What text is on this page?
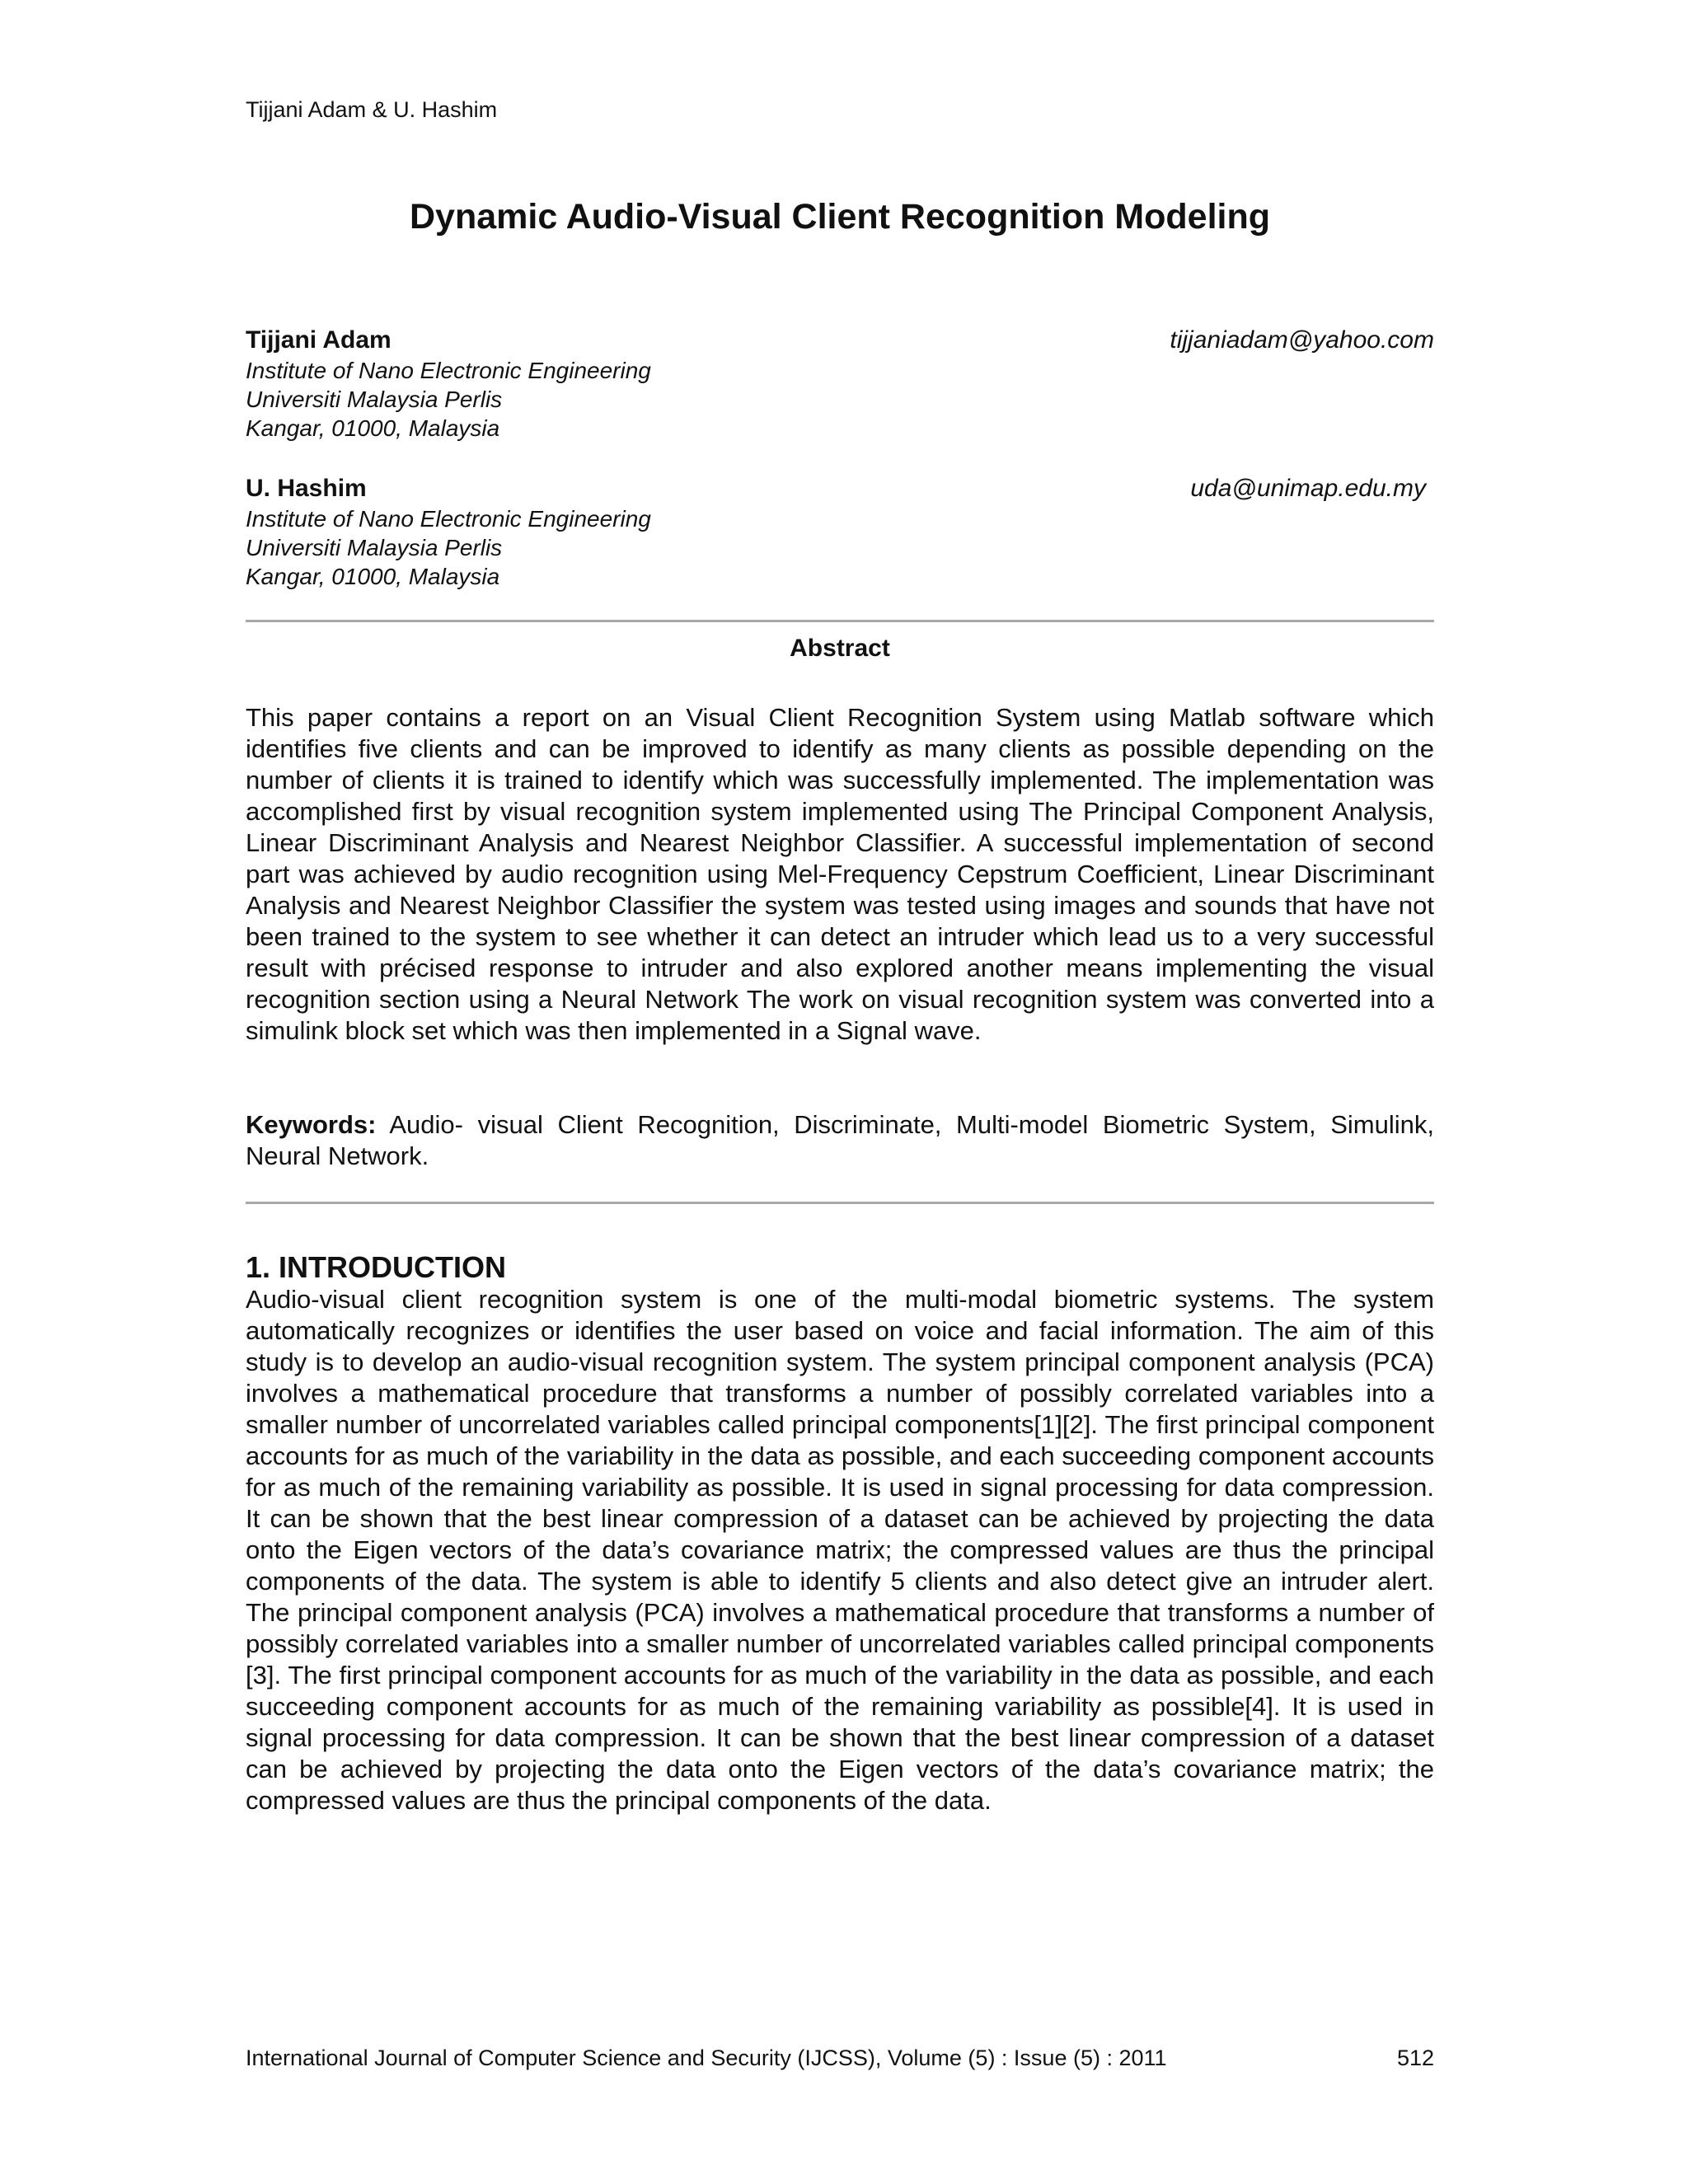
Tijjani Adam & U. Hashim
Dynamic Audio-Visual Client Recognition Modeling
Tijjani Adam	tijjaniadam@yahoo.com
Institute of Nano Electronic Engineering
Universiti Malaysia Perlis
Kangar, 01000, Malaysia
U. Hashim	uda@unimap.edu.my
Institute of Nano Electronic Engineering
Universiti Malaysia Perlis
Kangar, 01000, Malaysia
Abstract

This paper contains a report on an Visual Client Recognition System using Matlab software which identifies five clients and can be improved to identify as many clients as possible depending on the number of clients it is trained to identify which was successfully implemented. The implementation was accomplished first by visual recognition system implemented using The Principal Component Analysis, Linear Discriminant Analysis and Nearest Neighbor Classifier. A successful implementation of second part was achieved by audio recognition using Mel-Frequency Cepstrum Coefficient, Linear Discriminant Analysis and Nearest Neighbor Classifier the system was tested using images and sounds that have not been trained to the system to see whether it can detect an intruder which lead us to a very successful result with précised response to intruder and also explored another means implementing the visual recognition section using a Neural Network The work on visual recognition system was converted into a simulink block set which was then implemented in a Signal wave.

Keywords: Audio- visual Client Recognition, Discriminate, Multi-model Biometric System, Simulink, Neural Network.

1. INTRODUCTION

Audio-visual client recognition system is one of the multi-modal biometric systems. The system automatically recognizes or identifies the user based on voice and facial information. The aim of this study is to develop an audio-visual recognition system. The system principal component analysis (PCA) involves a mathematical procedure that transforms a number of possibly correlated variables into a smaller number of uncorrelated variables called principal components[1][2]. The first principal component accounts for as much of the variability in the data as possible, and each succeeding component accounts for as much of the remaining variability as possible. It is used in signal processing for data compression. It can be shown that the best linear compression of a dataset can be achieved by projecting the data onto the Eigen vectors of the data’s covariance matrix; the compressed values are thus the principal components of the data. The system is able to identify 5 clients and also detect give an intruder alert. The principal component analysis (PCA) involves a mathematical procedure that transforms a number of possibly correlated variables into a smaller number of uncorrelated variables called principal components [3]. The first principal component accounts for as much of the variability in the data as possible, and each succeeding component accounts for as much of the remaining variability as possible[4]. It is used in signal processing for data compression. It can be shown that the best linear compression of a dataset can be achieved by projecting the data onto the Eigen vectors of the data’s covariance matrix; the compressed values are thus the principal components of the data.

International Journal of Computer Science and Security (IJCSS), Volume (5) : Issue (5) : 2011	512
